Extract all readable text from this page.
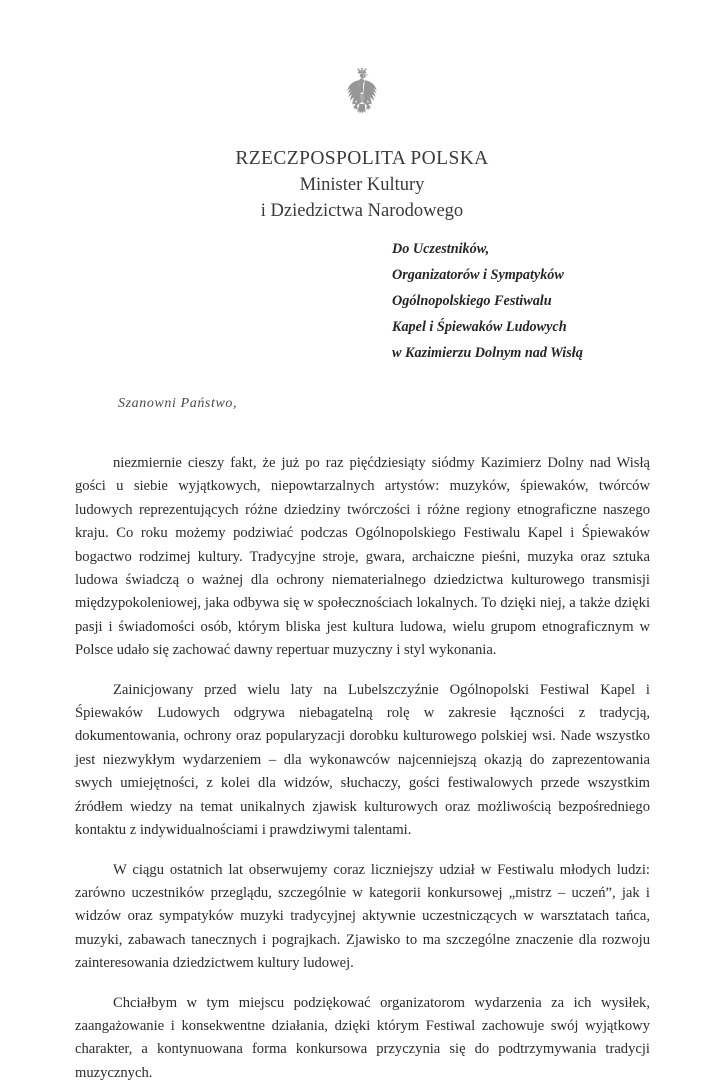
RZECZPOSPOLITA POLSKA
Minister Kultury
i Dziedzictwa Narodowego
Do Uczestników,
Organizatorów i Sympatyków
Ogólnopolskiego Festiwalu
Kapel i Śpiewaków Ludowych
w Kazimierzu Dolnym nad Wisłą
Szanowni Państwo,

niezmiernie cieszy fakt, że już po raz pięćdziesiąty siódmy Kazimierz Dolny nad Wisłą gości u siebie wyjątkowych, niepowtarzalnych artystów: muzyków, śpiewaków, twórców ludowych reprezentujących różne dziedziny twórczości i różne regiony etnograficzne naszego kraju. Co roku możemy podziwiać podczas Ogólnopolskiego Festiwalu Kapel i Śpiewaków bogactwo rodzimej kultury. Tradycyjne stroje, gwara, archaiczne pieśni, muzyka oraz sztuka ludowa świadczą o ważnej dla ochrony niematerialnego dziedzictwa kulturowego transmisji międzypokoleniowej, jaka odbywa się w społecznościach lokalnych. To dzięki niej, a także dzięki pasji i świadomości osób, którym bliska jest kultura ludowa, wielu grupom etnograficznym w Polsce udało się zachować dawny repertuar muzyczny i styl wykonania.

Zainicjowany przed wielu laty na Lubelszczyźnie Ogólnopolski Festiwal Kapel i Śpiewaków Ludowych odgrywa niebagatelną rolę w zakresie łączności z tradycją, dokumentowania, ochrony oraz popularyzacji dorobku kulturowego polskiej wsi. Nade wszystko jest niezwykłym wydarzeniem – dla wykonawców najcenniejszą okazją do zaprezentowania swych umiejętności, z kolei dla widzów, słuchaczy, gości festiwalowych przede wszystkim źródłem wiedzy na temat unikalnych zjawisk kulturowych oraz możliwością bezpośredniego kontaktu z indywidualnościami i prawdziwymi talentami.

W ciągu ostatnich lat obserwujemy coraz liczniejszy udział w Festiwalu młodych ludzi: zarówno uczestników przeglądu, szczególnie w kategorii konkursowej „mistrz – uczeń”, jak i widzów oraz sympatyków muzyki tradycyjnej aktywnie uczestniczących w warsztatach tańca, muzyki, zabawach tanecznych i pograjkach. Zjawisko to ma szczególne znaczenie dla rozwoju zainteresowania dziedzictwem kultury ludowej.

Chciałbym w tym miejscu podziękować organizatorom wydarzenia za ich wysiłek, zaangażowanie i konsekwentne działania, dzięki którym Festiwal zachowuje swój wyjątkowy charakter, a kontynuowana forma konkursowa przyczynia się do podtrzymywania tradycji muzycznych.
